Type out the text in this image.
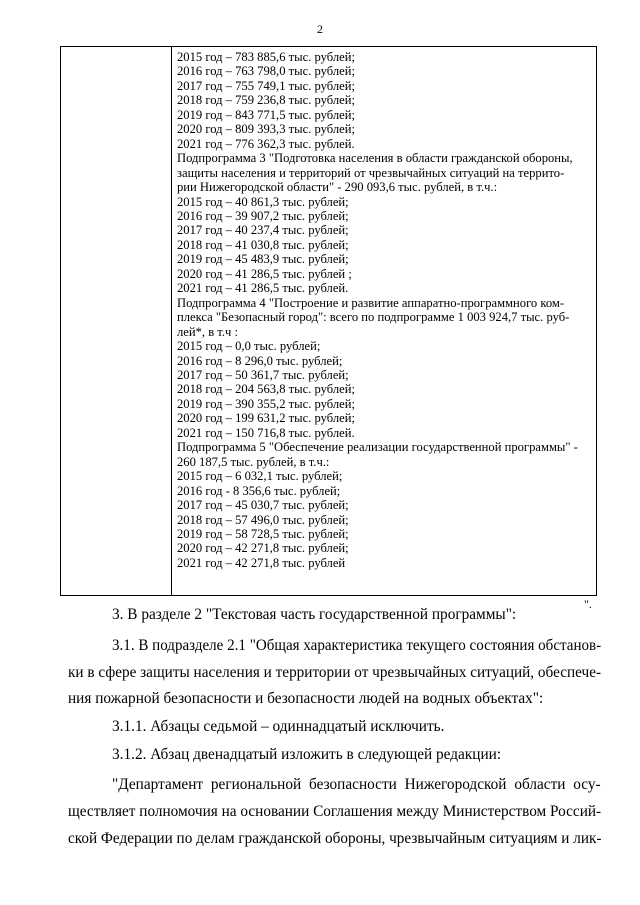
2
2015 год – 783 885,6 тыс. рублей;
2016 год – 763 798,0 тыс. рублей;
2017 год – 755 749,1 тыс. рублей;
2018 год – 759 236,8 тыс. рублей;
2019 год – 843 771,5 тыс. рублей;
2020 год – 809 393,3 тыс. рублей;
2021 год – 776 362,3 тыс. рублей.
Подпрограмма 3 "Подготовка населения в области гражданской обороны,
защиты населения и территорий от чрезвычайных ситуаций на террито-
рии Нижегородской области" - 290 093,6 тыс. рублей, в т.ч.:
2015 год – 40 861,3 тыс. рублей;
2016 год – 39 907,2 тыс. рублей;
2017 год – 40 237,4 тыс. рублей;
2018 год – 41 030,8 тыс. рублей;
2019 год – 45 483,9 тыс. рублей;
2020 год – 41 286,5 тыс. рублей ;
2021 год – 41 286,5 тыс. рублей.
Подпрограмма 4 "Построение и развитие аппаратно-программного ком-
плекса "Безопасный город": всего по подпрограмме 1 003 924,7 тыс. руб-
лей*, в т.ч :
2015 год – 0,0 тыс. рублей;
2016 год – 8 296,0 тыс. рублей;
2017 год – 50 361,7 тыс. рублей;
2018 год – 204 563,8 тыс. рублей;
2019 год – 390 355,2 тыс. рублей;
2020 год – 199 631,2 тыс. рублей;
2021 год – 150 716,8 тыс. рублей.
Подпрограмма 5 "Обеспечение реализации государственной программы" -
260 187,5 тыс. рублей, в т.ч.:
2015 год – 6 032,1 тыс. рублей;
2016 год - 8 356,6 тыс. рублей;
2017 год – 45 030,7 тыс. рублей;
2018 год – 57 496,0 тыс. рублей;
2019 год – 58 728,5 тыс. рублей;
2020 год – 42 271,8 тыс. рублей;
2021 год – 42 271,8 тыс. рублей
".
3. В разделе 2 "Текстовая часть государственной программы":
3.1. В подразделе 2.1 "Общая характеристика текущего состояния обстанов-
ки в сфере защиты населения и территории от чрезвычайных ситуаций, обеспече-
ния пожарной безопасности и безопасности людей на водных объектах":
3.1.1. Абзацы седьмой – одиннадцатый исключить.
3.1.2. Абзац двенадцатый изложить в следующей редакции:
"Департамент региональной безопасности Нижегородской области осу-
ществляет полномочия на основании Соглашения между Министерством Россий-
ской Федерации по делам гражданской обороны, чрезвычайным ситуациям и лик-
